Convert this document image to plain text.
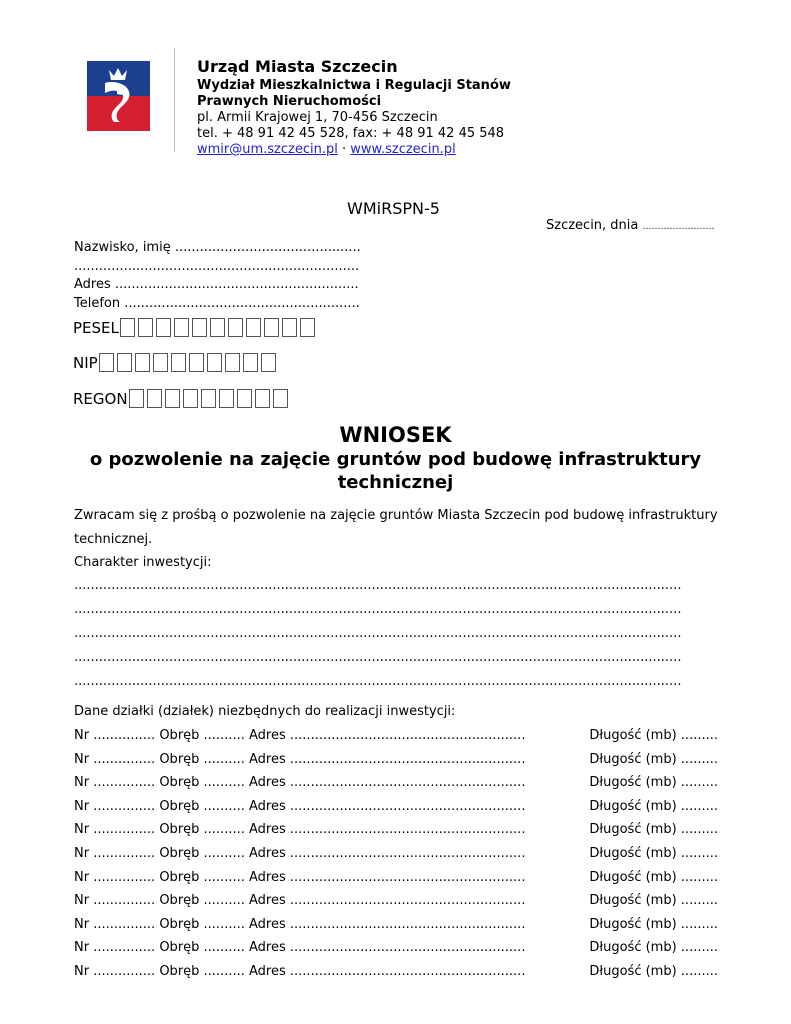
Urząd Miasta Szczecin
Wydział Mieszkalnictwa i Regulacji Stanów
Prawnych Nieruchomości
pl. Armii Krajowej 1, 70-456 Szczecin
tel. + 48 91 42 45 528, fax: + 48 91 42 45 548
wmir@um.szczecin.pl · www.szczecin.pl
WMiRSPN-5
Szczecin, dnia ……………………
Nazwisko, imię .............................................
.....................................................................
Adres ...........................................................
Telefon .........................................................
PESEL
NIP
REGON
WNIOSEK
o pozwolenie na zajęcie gruntów pod budowę infrastruktury
technicznej
Zwracam się z prośbą o pozwolenie na zajęcie gruntów Miasta Szczecin pod budowę infrastruktury
technicznej.
Charakter inwestycji:
...................................................................................................................................................
...................................................................................................................................................
...................................................................................................................................................
...................................................................................................................................................
...................................................................................................................................................
Dane działki (działek) niezbędnych do realizacji inwestycji:
Nr ............... Obręb .......... Adres .........................................................	Długość (mb) .........
Nr ............... Obręb .......... Adres .........................................................	Długość (mb) .........
Nr ............... Obręb .......... Adres .........................................................	Długość (mb) .........
Nr ............... Obręb .......... Adres .........................................................	Długość (mb) .........
Nr ............... Obręb .......... Adres .........................................................	Długość (mb) .........
Nr ............... Obręb .......... Adres .........................................................	Długość (mb) .........
Nr ............... Obręb .......... Adres .........................................................	Długość (mb) .........
Nr ............... Obręb .......... Adres .........................................................	Długość (mb) .........
Nr ............... Obręb .......... Adres .........................................................	Długość (mb) .........
Nr ............... Obręb .......... Adres .........................................................	Długość (mb) .........
Nr ............... Obręb .......... Adres .........................................................	Długość (mb) .........
